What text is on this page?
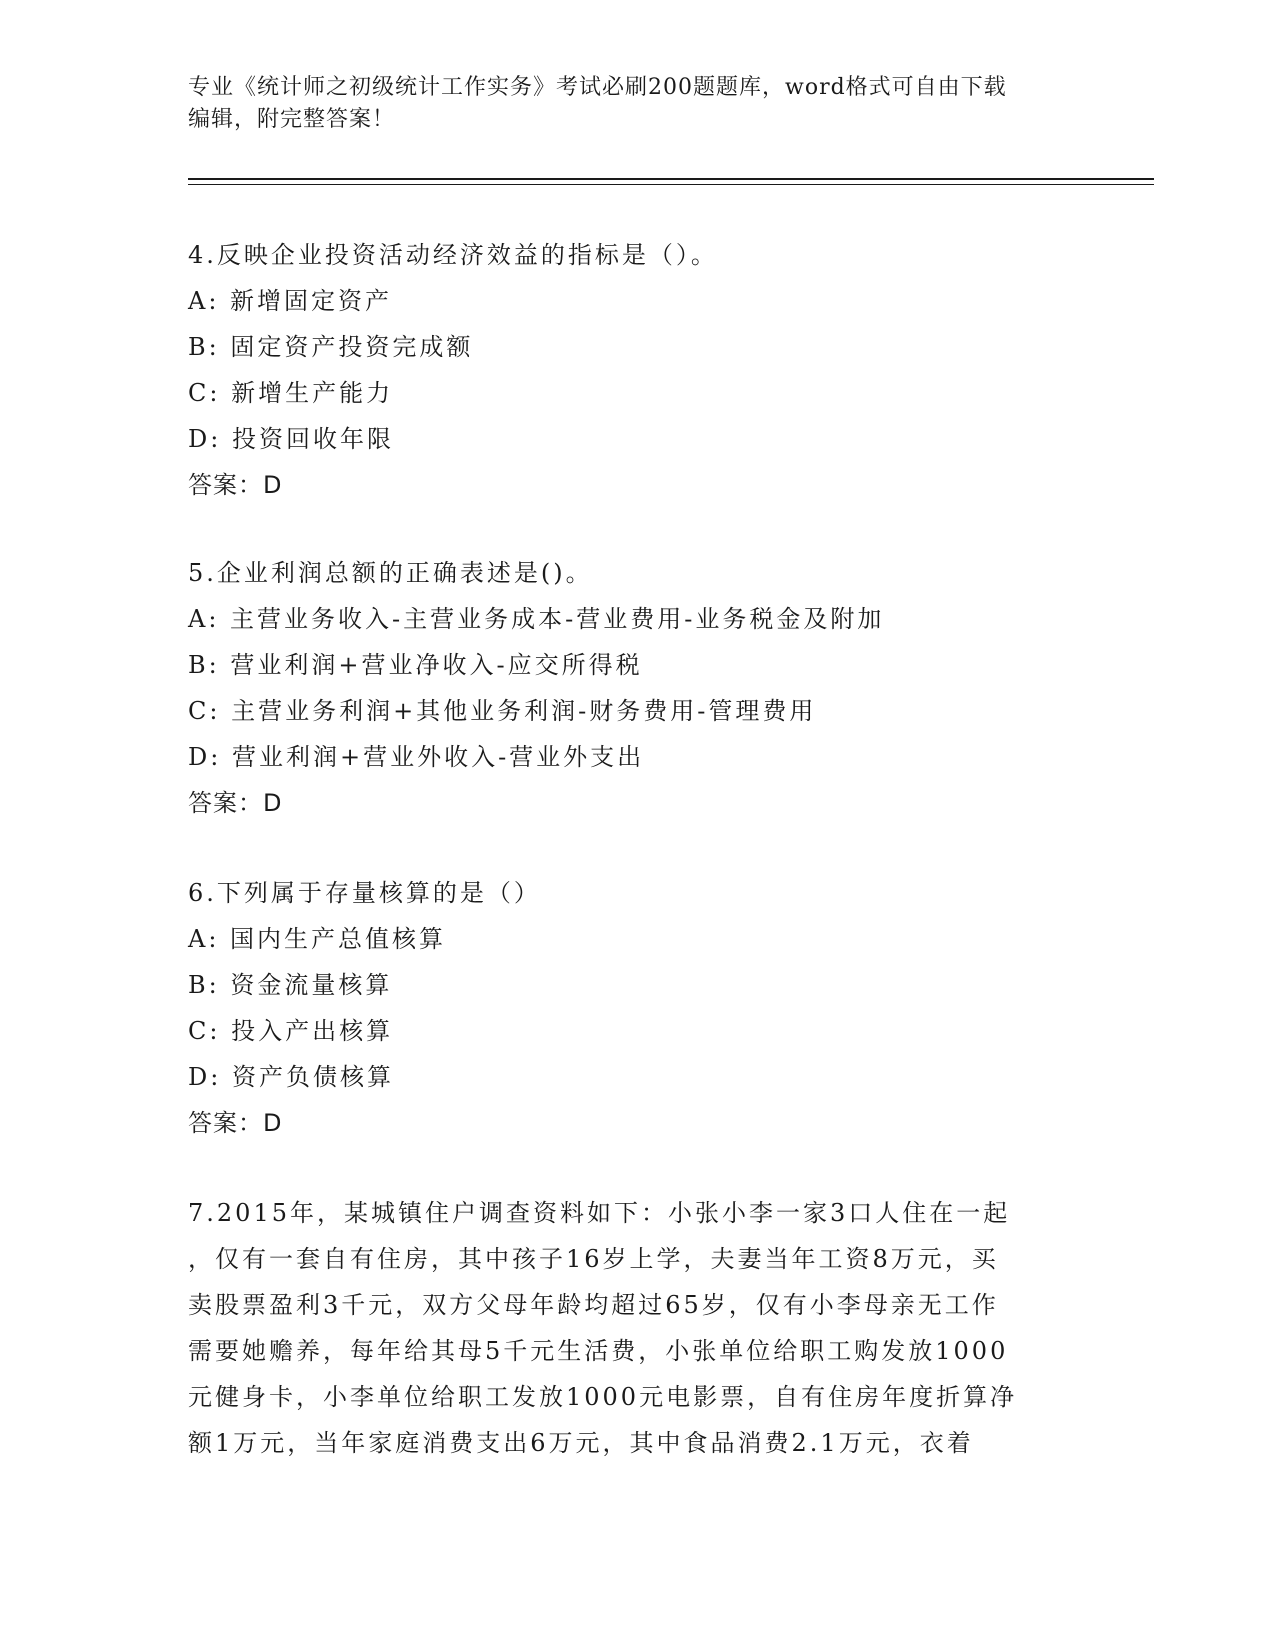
专业《统计师之初级统计工作实务》考试必刷200题题库，word格式可自由下载
编辑，附完整答案！
4.反映企业投资活动经济效益的指标是（）。
A: 新增固定资产
B: 固定资产投资完成额
C: 新增生产能力
D: 投资回收年限
答案：D
5.企业利润总额的正确表述是()。
A: 主营业务收入-主营业务成本-营业费用-业务税金及附加
B: 营业利润+营业净收入-应交所得税
C: 主营业务利润+其他业务利润-财务费用-管理费用
D: 营业利润+营业外收入-营业外支出
答案：D
6.下列属于存量核算的是（）
A: 国内生产总值核算
B: 资金流量核算
C: 投入产出核算
D: 资产负债核算
答案：D
7.2015年，某城镇住户调查资料如下：小张小李一家3口人住在一起
，仅有一套自有住房，其中孩子16岁上学，夫妻当年工资8万元，买
卖股票盈利3千元，双方父母年龄均超过65岁，仅有小李母亲无工作
需要她赡养，每年给其母5千元生活费，小张单位给职工购发放1000
元健身卡，小李单位给职工发放1000元电影票，自有住房年度折算净
额1万元，当年家庭消费支出6万元，其中食品消费2.1万元，衣着
